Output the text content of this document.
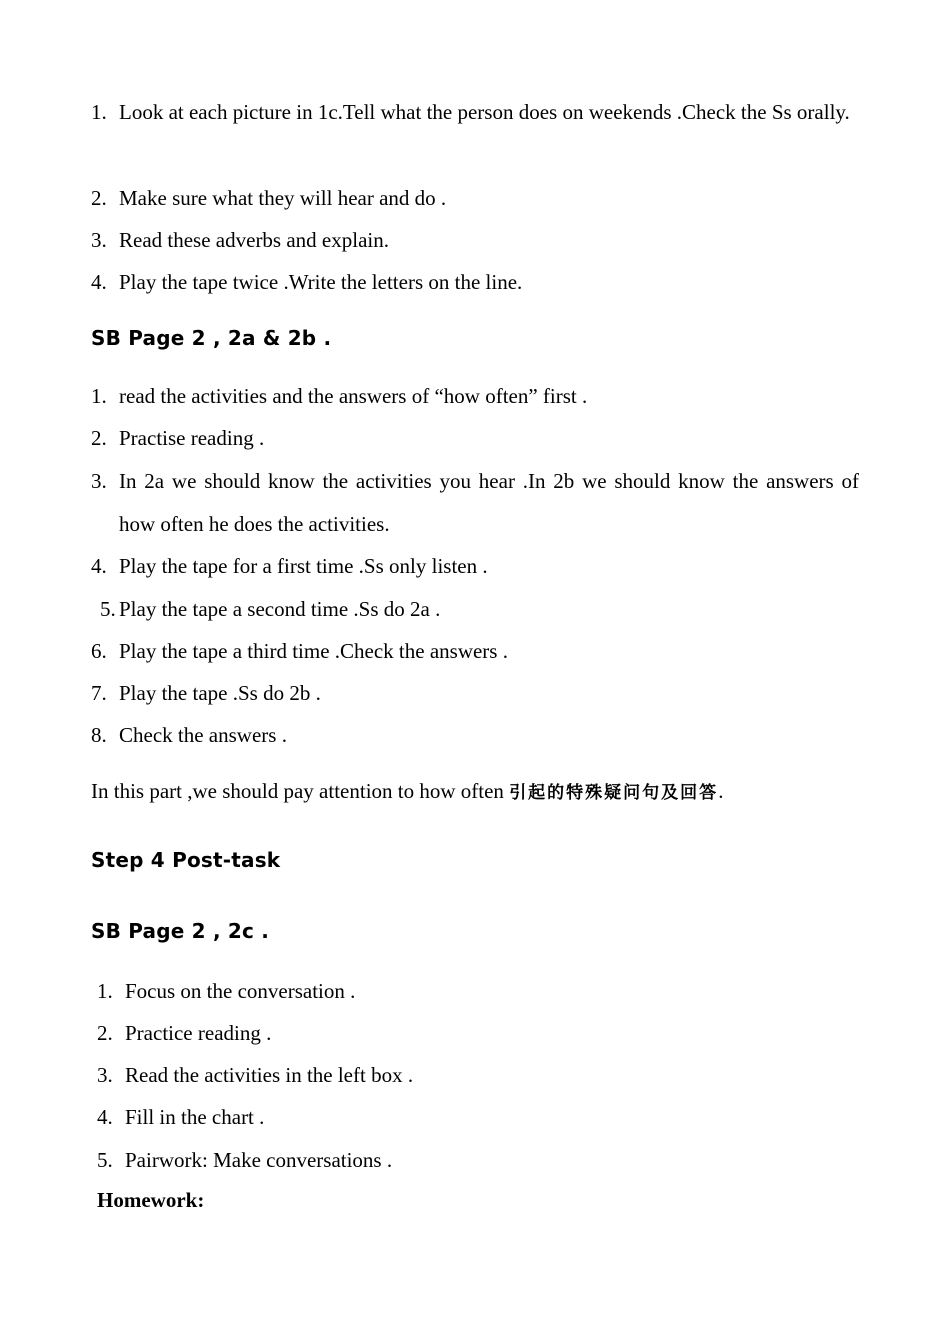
1. Look at each picture in 1c.Tell what the person does on weekends .Check the Ss orally.
2. Make sure what they will hear and do .
3. Read these adverbs and explain.
4. Play the tape twice .Write the letters on the line.
SB Page 2 , 2a & 2b .
1. read the activities and the answers of “how often” first .
2. Practise reading .
3. In 2a we should know the activities you hear .In 2b we should know the answers of how often he does the activities.
4. Play the tape for a first time .Ss only listen .
5. Play the tape a second time .Ss do 2a .
6. Play the tape a third time .Check the answers .
7. Play the tape .Ss do 2b .
8. Check the answers .
In this part ,we should pay attention to how often 引起的特殊疑问句及回答.
Step 4 Post-task
SB Page 2 , 2c .
1. Focus on the conversation .
2. Practice reading .
3. Read the activities in the left box .
4. Fill in the chart .
5. Pairwork: Make conversations .
Homework:
